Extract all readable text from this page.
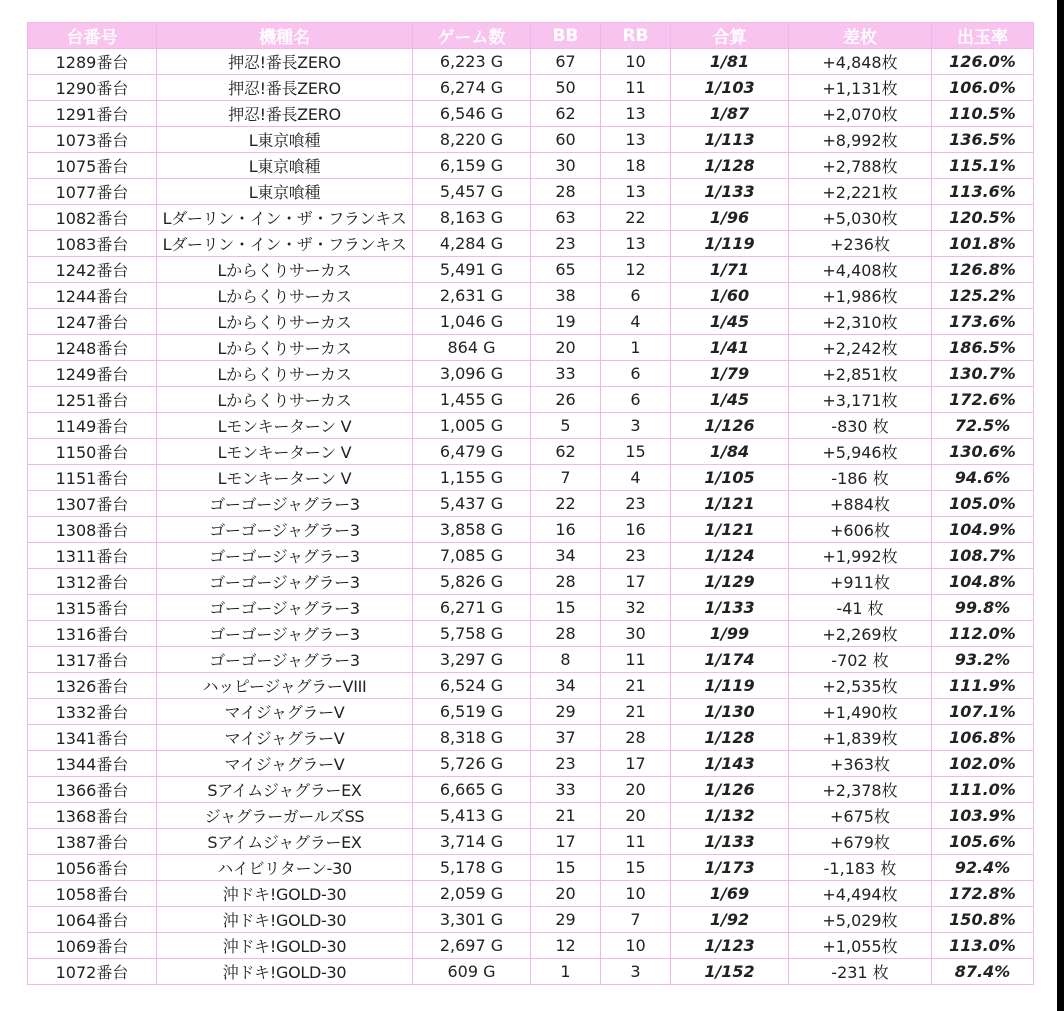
台番号	機種名	ゲーム数	BB	RB	合算	差枚	出玉率
1289番台	押忍!番長ZERO	6,223 G	67	10	1/81	+4,848枚	126.0%
1290番台	押忍!番長ZERO	6,274 G	50	11	1/103	+1,131枚	106.0%
1291番台	押忍!番長ZERO	6,546 G	62	13	1/87	+2,070枚	110.5%
1073番台	L東京喰種	8,220 G	60	13	1/113	+8,992枚	136.5%
1075番台	L東京喰種	6,159 G	30	18	1/128	+2,788枚	115.1%
1077番台	L東京喰種	5,457 G	28	13	1/133	+2,221枚	113.6%
1082番台	Lダーリン・イン・ザ・フランキス	8,163 G	63	22	1/96	+5,030枚	120.5%
1083番台	Lダーリン・イン・ザ・フランキス	4,284 G	23	13	1/119	+236枚	101.8%
1242番台	Lからくりサーカス	5,491 G	65	12	1/71	+4,408枚	126.8%
1244番台	Lからくりサーカス	2,631 G	38	6	1/60	+1,986枚	125.2%
1247番台	Lからくりサーカス	1,046 G	19	4	1/45	+2,310枚	173.6%
1248番台	Lからくりサーカス	864 G	20	1	1/41	+2,242枚	186.5%
1249番台	Lからくりサーカス	3,096 G	33	6	1/79	+2,851枚	130.7%
1251番台	Lからくりサーカス	1,455 G	26	6	1/45	+3,171枚	172.6%
1149番台	Lモンキーターン V	1,005 G	5	3	1/126	-830 枚	72.5%
1150番台	Lモンキーターン V	6,479 G	62	15	1/84	+5,946枚	130.6%
1151番台	Lモンキーターン V	1,155 G	7	4	1/105	-186 枚	94.6%
1307番台	ゴーゴージャグラー3	5,437 G	22	23	1/121	+884枚	105.0%
1308番台	ゴーゴージャグラー3	3,858 G	16	16	1/121	+606枚	104.9%
1311番台	ゴーゴージャグラー3	7,085 G	34	23	1/124	+1,992枚	108.7%
1312番台	ゴーゴージャグラー3	5,826 G	28	17	1/129	+911枚	104.8%
1315番台	ゴーゴージャグラー3	6,271 G	15	32	1/133	-41 枚	99.8%
1316番台	ゴーゴージャグラー3	5,758 G	28	30	1/99	+2,269枚	112.0%
1317番台	ゴーゴージャグラー3	3,297 G	8	11	1/174	-702 枚	93.2%
1326番台	ハッピージャグラーVIII	6,524 G	34	21	1/119	+2,535枚	111.9%
1332番台	マイジャグラーV	6,519 G	29	21	1/130	+1,490枚	107.1%
1341番台	マイジャグラーV	8,318 G	37	28	1/128	+1,839枚	106.8%
1344番台	マイジャグラーV	5,726 G	23	17	1/143	+363枚	102.0%
1366番台	SアイムジャグラーEX	6,665 G	33	20	1/126	+2,378枚	111.0%
1368番台	ジャグラーガールズSS	5,413 G	21	20	1/132	+675枚	103.9%
1387番台	SアイムジャグラーEX	3,714 G	17	11	1/133	+679枚	105.6%
1056番台	ハイビリターン-30	5,178 G	15	15	1/173	-1,183 枚	92.4%
1058番台	沖ドキ!GOLD-30	2,059 G	20	10	1/69	+4,494枚	172.8%
1064番台	沖ドキ!GOLD-30	3,301 G	29	7	1/92	+5,029枚	150.8%
1069番台	沖ドキ!GOLD-30	2,697 G	12	10	1/123	+1,055枚	113.0%
1072番台	沖ドキ!GOLD-30	609 G	1	3	1/152	-231 枚	87.4%
